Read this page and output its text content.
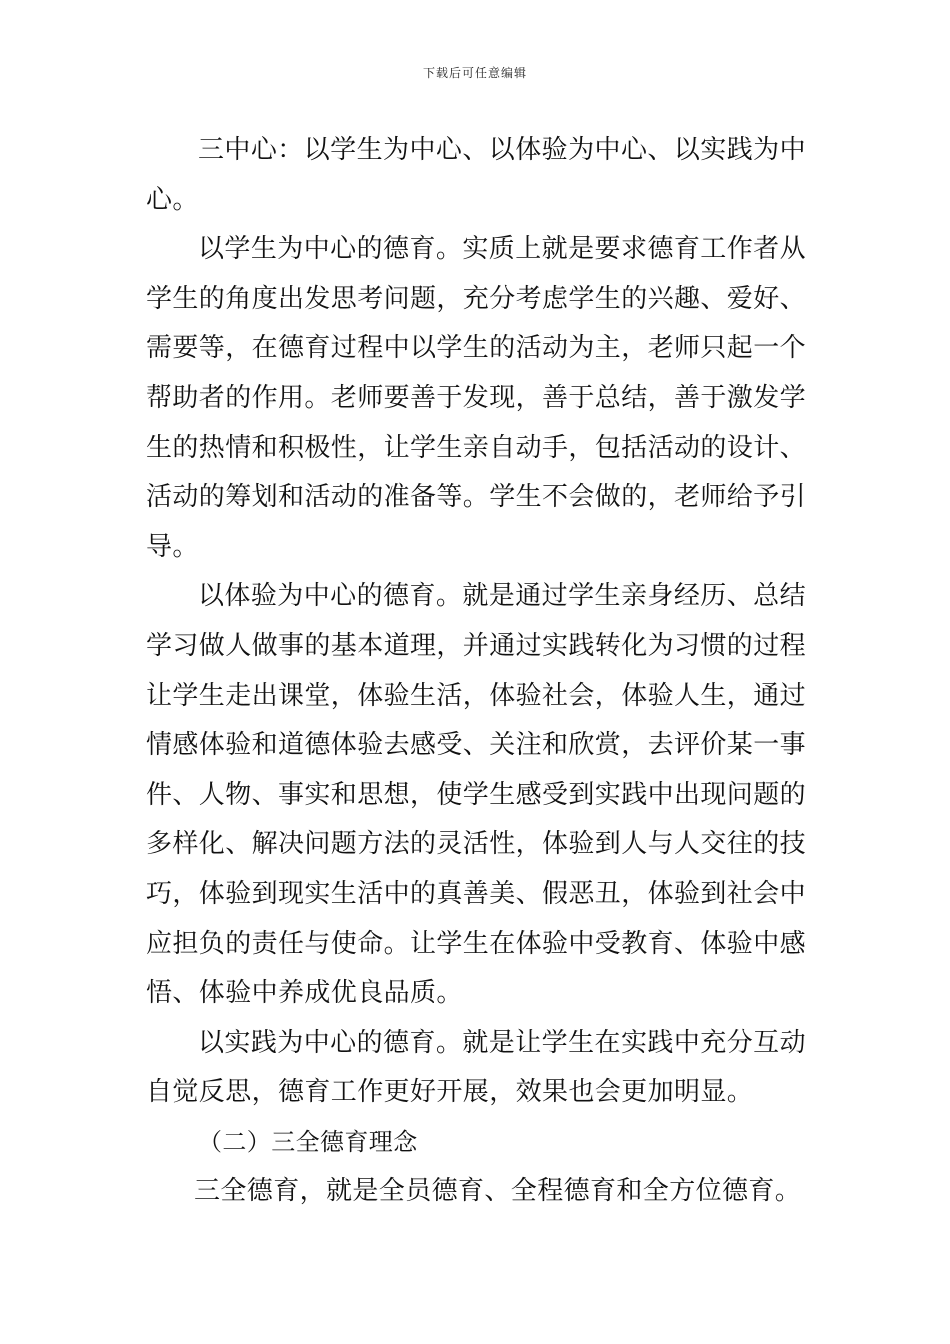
下载后可任意编辑

三中心：以学生为中心、以体验为中心、以实践为中心。

以学生为中心的德育。实质上就是要求德育工作者从学生的角度出发思考问题，充分考虑学生的兴趣、爱好、需要等，在德育过程中以学生的活动为主，老师只起一个帮助者的作用。老师要善于发现，善于总结，善于激发学生的热情和积极性，让学生亲自动手，包括活动的设计、活动的筹划和活动的准备等。学生不会做的，老师给予引导。

以体验为中心的德育。就是通过学生亲身经历、总结学习做人做事的基本道理，并通过实践转化为习惯的过程让学生走出课堂，体验生活，体验社会，体验人生，通过情感体验和道德体验去感受、关注和欣赏，去评价某一事件、人物、事实和思想，使学生感受到实践中出现问题的多样化、解决问题方法的灵活性，体验到人与人交往的技巧，体验到现实生活中的真善美、假恶丑，体验到社会中应担负的责任与使命。让学生在体验中受教育、体验中感悟、体验中养成优良品质。

以实践为中心的德育。就是让学生在实践中充分互动自觉反思，德育工作更好开展，效果也会更加明显。

（二）三全德育理念

三全德育，就是全员德育、全程德育和全方位德育。
